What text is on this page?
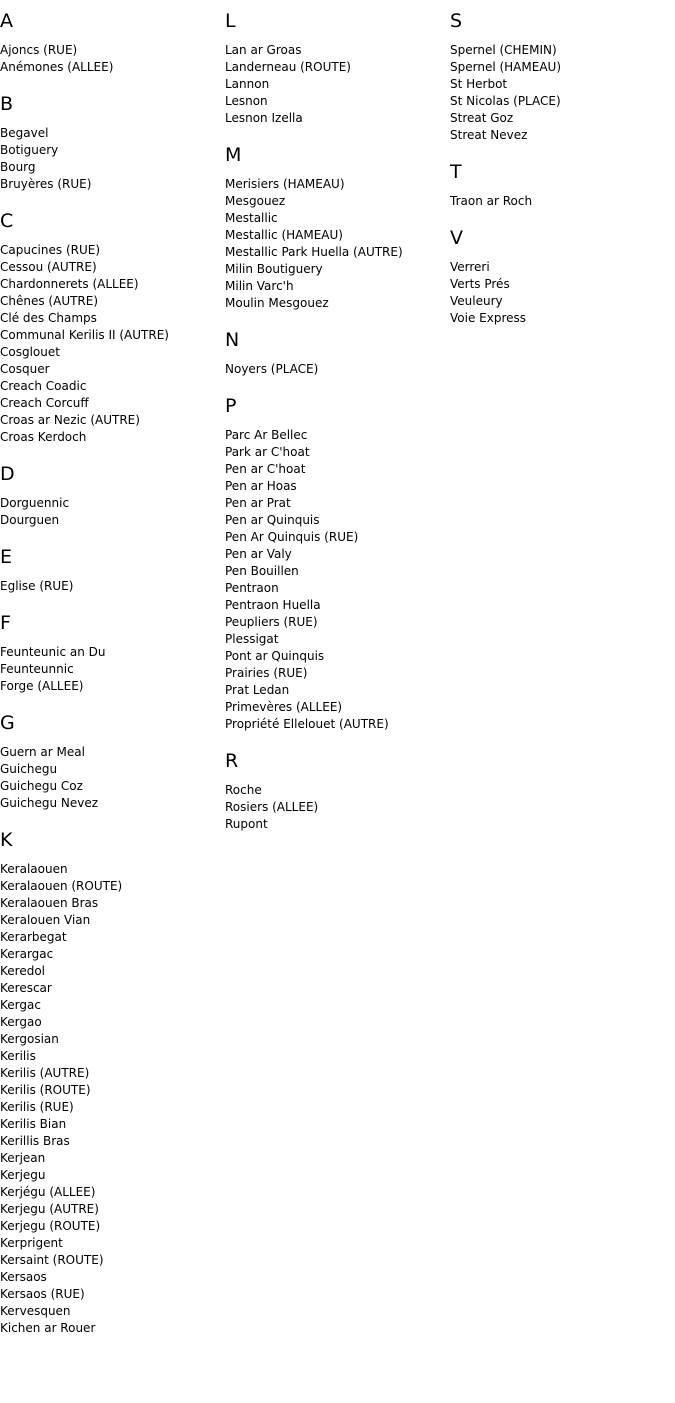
A
Ajoncs (RUE)
Anémones (ALLEE)
B
Begavel
Botiguery
Bourg
Bruyères (RUE)
C
Capucines (RUE)
Cessou (AUTRE)
Chardonnerets (ALLEE)
Chênes (AUTRE)
Clé des Champs
Communal Kerilis II (AUTRE)
Cosglouet
Cosquer
Creach Coadic
Creach Corcuff
Croas ar Nezic (AUTRE)
Croas Kerdoch
D
Dorguennic
Dourguen
E
Eglise (RUE)
F
Feunteunic an Du
Feunteunnic
Forge (ALLEE)
G
Guern ar Meal
Guichegu
Guichegu Coz
Guichegu Nevez
K
Keralaouen
Keralaouen (ROUTE)
Keralaouen Bras
Keralouen Vian
Kerarbegat
Kerargac
Keredol
Kerescar
Kergac
Kergao
Kergosian
Kerilis
Kerilis (AUTRE)
Kerilis (ROUTE)
Kerilis (RUE)
Kerilis Bian
Kerillis Bras
Kerjean
Kerjegu
Kerjégu (ALLEE)
Kerjegu (AUTRE)
Kerjegu (ROUTE)
Kerprigent
Kersaint (ROUTE)
Kersaos
Kersaos (RUE)
Kervesquen
Kichen ar Rouer
L
Lan ar Groas
Landerneau (ROUTE)
Lannon
Lesnon
Lesnon Izella
M
Merisiers (HAMEAU)
Mesgouez
Mestallic
Mestallic (HAMEAU)
Mestallic Park Huella (AUTRE)
Milin Boutiguery
Milin Varc'h
Moulin Mesgouez
N
Noyers (PLACE)
P
Parc Ar Bellec
Park ar C'hoat
Pen ar C'hoat
Pen ar Hoas
Pen ar Prat
Pen ar Quinquis
Pen Ar Quinquis (RUE)
Pen ar Valy
Pen Bouillen
Pentraon
Pentraon Huella
Peupliers (RUE)
Plessigat
Pont ar Quinquis
Prairies (RUE)
Prat Ledan
Primevères (ALLEE)
Propriété Ellelouet (AUTRE)
R
Roche
Rosiers (ALLEE)
Rupont
S
Spernel (CHEMIN)
Spernel (HAMEAU)
St Herbot
St Nicolas (PLACE)
Streat Goz
Streat Nevez
T
Traon ar Roch
V
Verreri
Verts Prés
Veuleury
Voie Express
